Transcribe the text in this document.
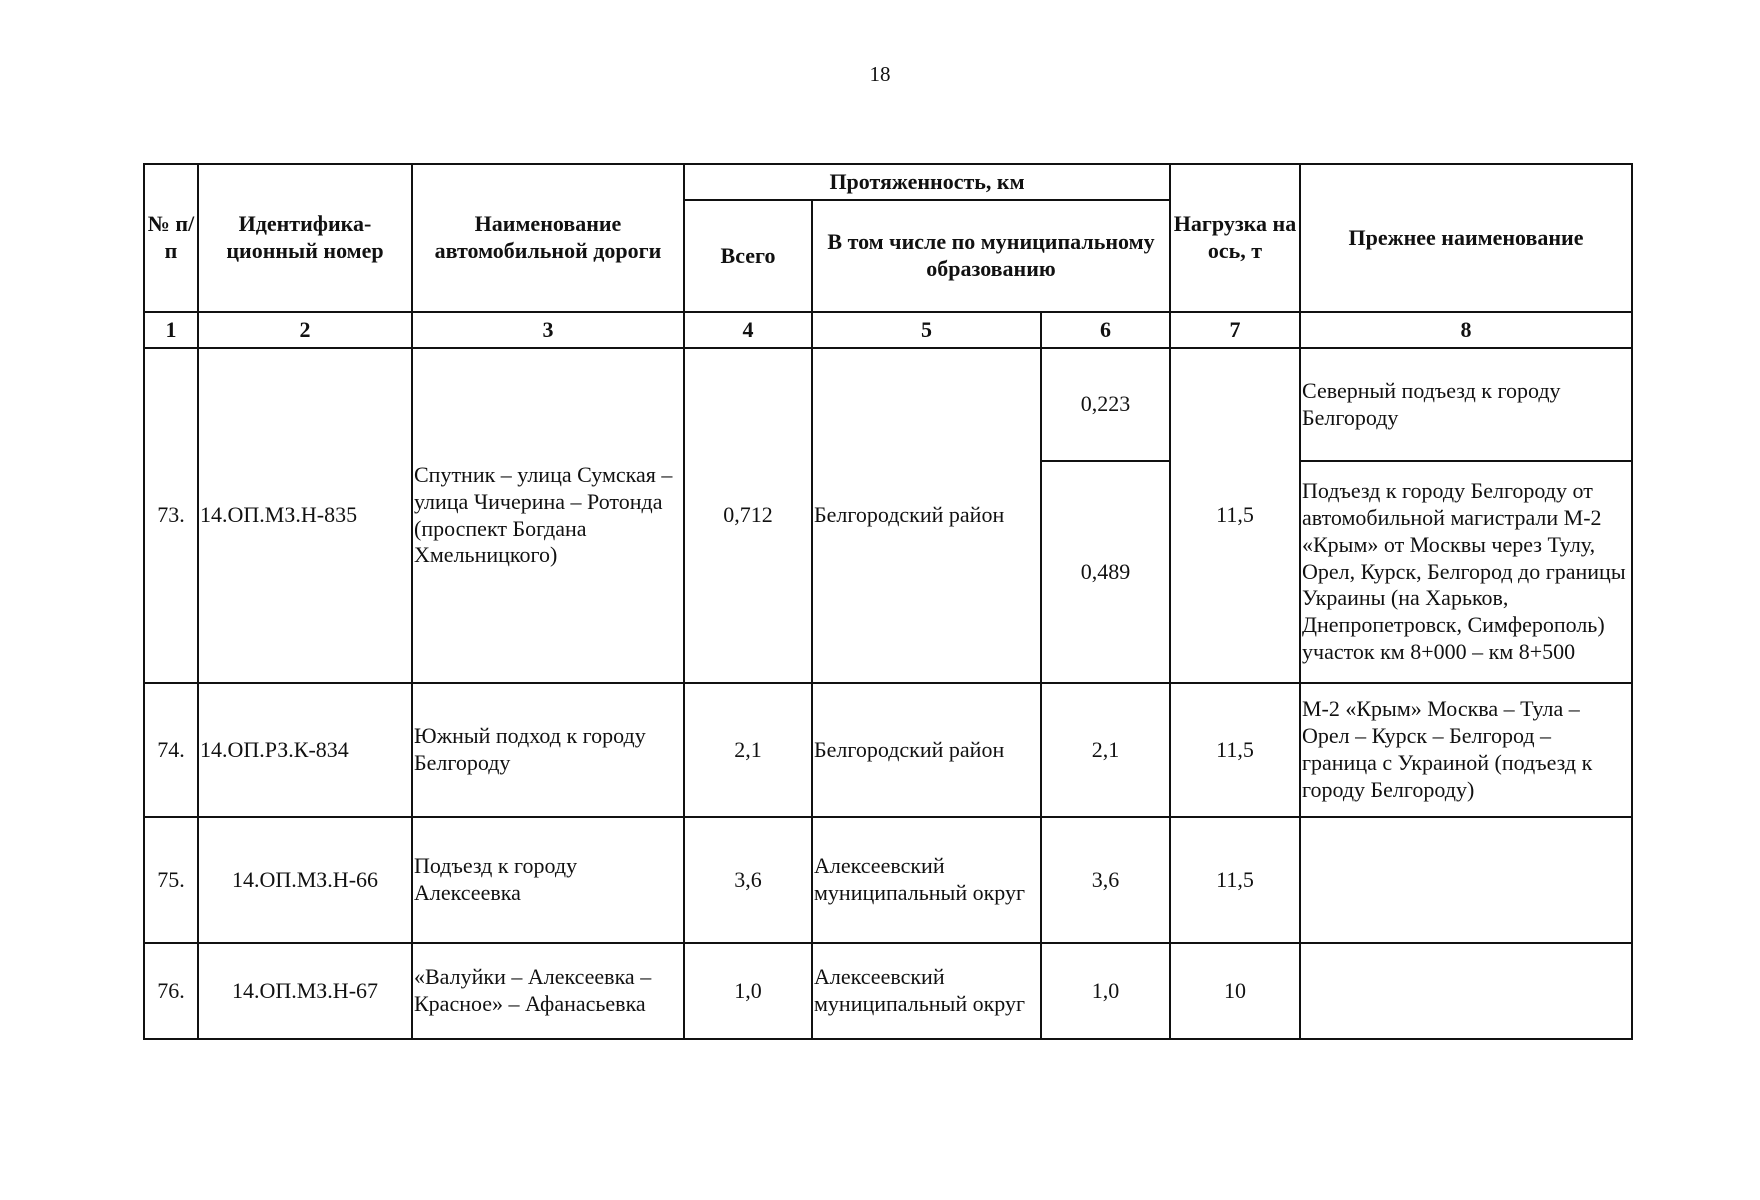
18
№ п/п	Идентифика-ционный номер	Наименование автомобильной дороги	Протяженность, км			Нагрузка на ось, т	Прежнее наименование
			Всего	В том числе по муниципальному образованию			
1	2	3	4	5	6	7	8
73.	14.ОП.МЗ.Н-835	Спутник – улица Сумская – улица Чичерина – Ротонда (проспект Богдана Хмельницкого)	0,712	Белгородский район	0,223	11,5	Северный подъезд к городу Белгороду
					0,489		Подъезд к городу Белгороду от автомобильной магистрали М-2 «Крым» от Москвы через Тулу, Орел, Курск, Белгород до границы Украины (на Харьков, Днепропетровск, Симферополь) участок км 8+000 – км 8+500
74.	14.ОП.РЗ.К-834	Южный подход к городу Белгороду	2,1	Белгородский район	2,1	11,5	М-2 «Крым» Москва – Тула – Орел – Курск – Белгород – граница с Украиной (подъезд к городу Белгороду)
75.	14.ОП.МЗ.Н-66	Подъезд к городу Алексеевка	3,6	Алексеевский муниципальный округ	3,6	11,5	
76.	14.ОП.МЗ.Н-67	«Валуйки – Алексеевка – Красное» – Афанасьевка	1,0	Алексеевский муниципальный округ	1,0	10	
